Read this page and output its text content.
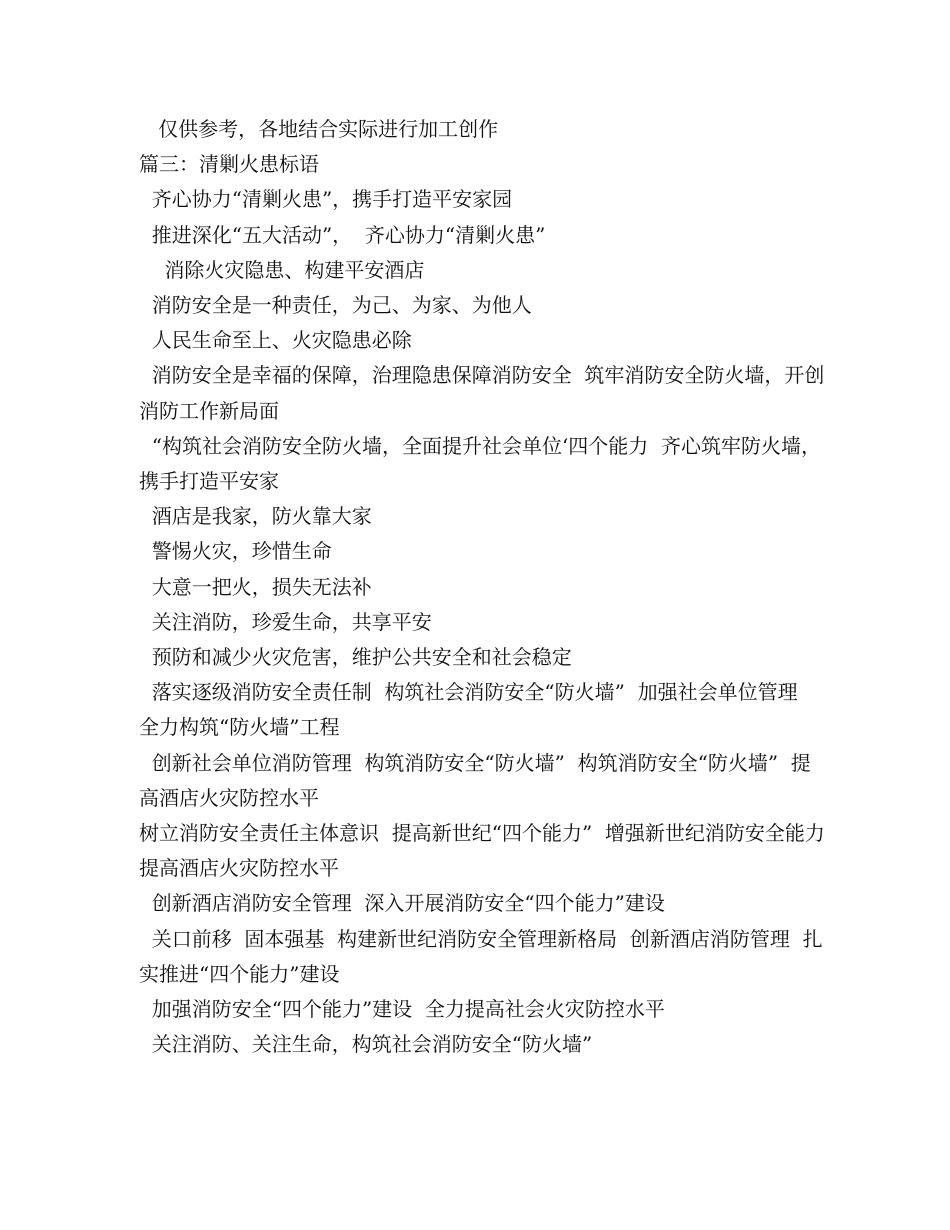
仅供参考，各地结合实际进行加工创作

篇三：清剿火患标语

齐心协力“清剿火患”，携手打造平安家园

推进深化“五大活动”，  齐心协力“清剿火患”

消除火灾隐患、构建平安酒店

消防安全是一种责任，为己、为家、为他人

人民生命至上、火灾隐患必除

消防安全是幸福的保障，治理隐患保障消防安全  筑牢消防安全防火墙，开创消防工作新局面

“构筑社会消防安全防火墙，全面提升社会单位‘四个能力  齐心筑牢防火墙，携手打造平安家

酒店是我家，防火靠大家

警惕火灾，珍惜生命

大意一把火，损失无法补

关注消防，珍爱生命，共享平安

预防和减少火灾危害，维护公共安全和社会稳定

落实逐级消防安全责任制  构筑社会消防安全“防火墙”  加强社会单位管理  全力构筑“防火墙”工程

创新社会单位消防管理  构筑消防安全“防火墙”  构筑消防安全“防火墙”  提高酒店火灾防控水平

树立消防安全责任主体意识  提高新世纪“四个能力”  增强新世纪消防安全能力  提高酒店火灾防控水平

创新酒店消防安全管理  深入开展消防安全“四个能力”建设

关口前移  固本强基  构建新世纪消防安全管理新格局  创新酒店消防管理  扎实推进“四个能力”建设

加强消防安全“四个能力”建设  全力提高社会火灾防控水平

关注消防、关注生命，构筑社会消防安全“防火墙”
